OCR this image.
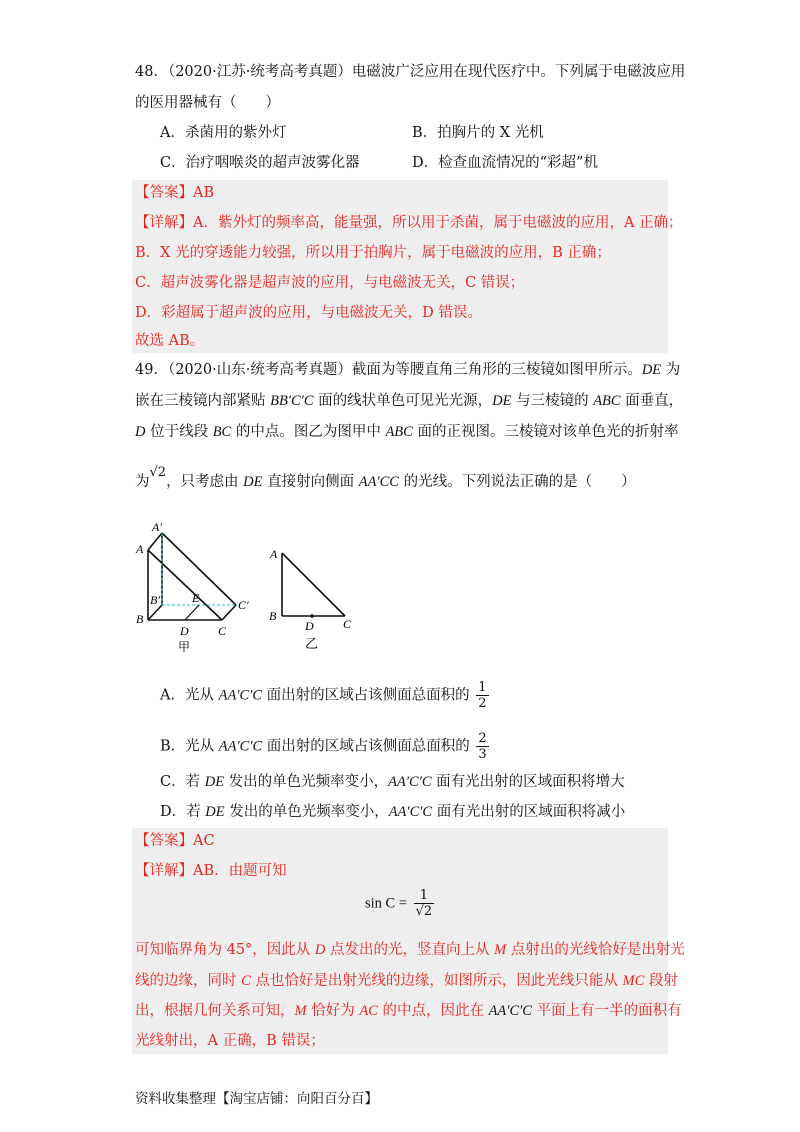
48．（2020·江苏·统考高考真题）电磁波广泛应用在现代医疗中。下列属于电磁波应用
的医用器械有（　　）
A．杀菌用的紫外灯	B．拍胸片的 X 光机
C．治疗咽喉炎的超声波雾化器	D．检查血流情况的“彩超”机
【答案】AB
【详解】A．紫外灯的频率高，能量强，所以用于杀菌，属于电磁波的应用，A 正确；
B．X 光的穿透能力较强，所以用于拍胸片，属于电磁波的应用，B 正确；
C．超声波雾化器是超声波的应用，与电磁波无关，C 错误；
D．彩超属于超声波的应用，与电磁波无关，D 错误。
故选 AB。
49．（2020·山东·统考高考真题）截面为等腰直角三角形的三棱镜如图甲所示。DE 为
嵌在三棱镜内部紧贴 BB′C′C 面的线状单色可见光光源，DE 与三棱镜的 ABC 面垂直，
D 位于线段 BC 的中点。图乙为图甲中 ABC 面的正视图。三棱镜对该单色光的折射率
为√2，只考虑由 DE 直接射向侧面 AA′CC 的光线。下列说法正确的是（　　）
A′
A
B′	E	C′
B
D C
甲
A
B
D C
乙
A．光从 AA′C′C 面出射的区域占该侧面总面积的 $\frac{1}{2}$
B．光从 AA′C′C 面出射的区域占该侧面总面积的 $\frac{2}{3}$
C．若 DE 发出的单色光频率变小，AA′C′C 面有光出射的区域面积将增大
D．若 DE 发出的单色光频率变小，AA′C′C 面有光出射的区域面积将减小
【答案】AC
【详解】AB．由题可知
$\sin C = \frac{1}{√2}$
可知临界角为 45°，因此从 D 点发出的光，竖直向上从 M 点射出的光线恰好是出射光
线的边缘，同时 C 点也恰好是出射光线的边缘，如图所示，因此光线只能从 MC 段射
出，根据几何关系可知，M 恰好为 AC 的中点，因此在 AA′C′C 平面上有一半的面积有
光线射出，A 正确，B 错误；
资料收集整理【淘宝店铺：向阳百分百】
